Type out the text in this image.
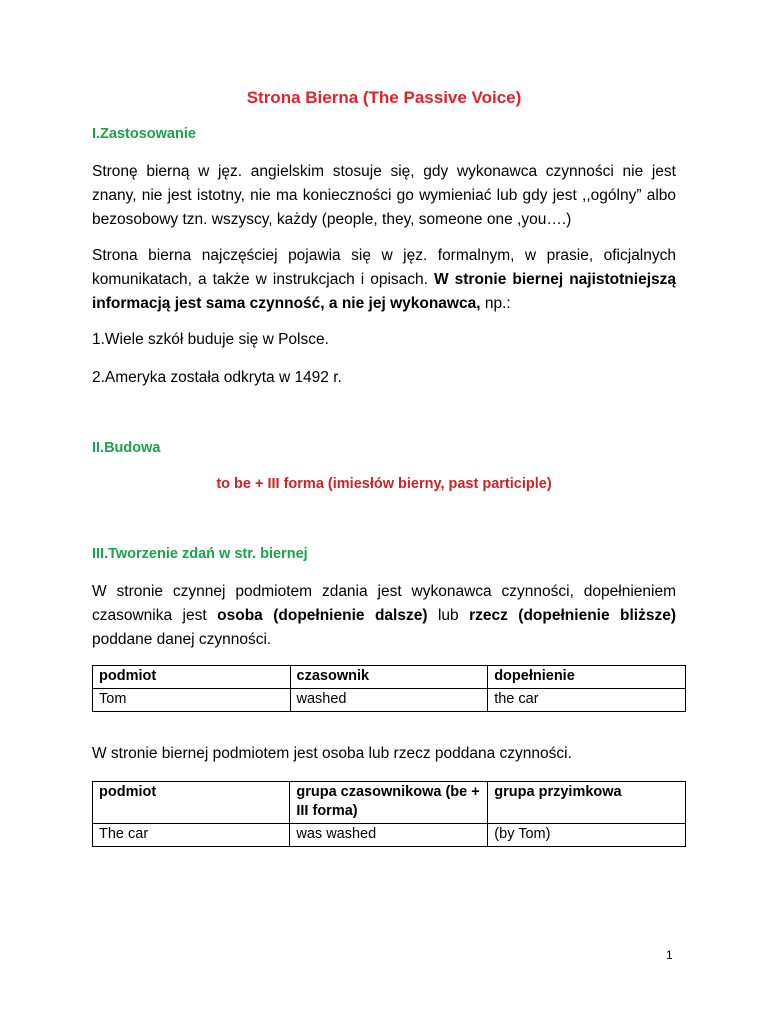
Strona Bierna (The Passive Voice)

I.Zastosowanie

Stronę bierną w jęz. angielskim stosuje się, gdy wykonawca czynności nie jest znany, nie jest istotny, nie ma konieczności go wymieniać lub gdy jest ,,ogólny” albo bezosobowy tzn. wszyscy, każdy (people, they, someone one ,you….)

Strona bierna najczęściej pojawia się w jęz. formalnym, w prasie, oficjalnych komunikatach, a także w instrukcjach i opisach. W stronie biernej najistotniejszą informacją jest sama czynność, a nie jej wykonawca, np.:

1.Wiele szkół buduje się w Polsce.

2.Ameryka została odkryta w 1492 r.

II.Budowa

to be + III forma (imiesłów bierny, past participle)

III.Tworzenie zdań w str. biernej

W stronie czynnej podmiotem zdania jest wykonawca czynności, dopełnieniem czasownika jest osoba (dopełnienie dalsze) lub rzecz (dopełnienie bliższe) poddane danej czynności.

podmiot	czasownik	dopełnienie
Tom	washed	the car

W stronie biernej podmiotem jest osoba lub rzecz poddana czynności.

podmiot	grupa czasownikowa (be + III forma)	grupa przyimkowa
The car	was washed	(by Tom)

1
